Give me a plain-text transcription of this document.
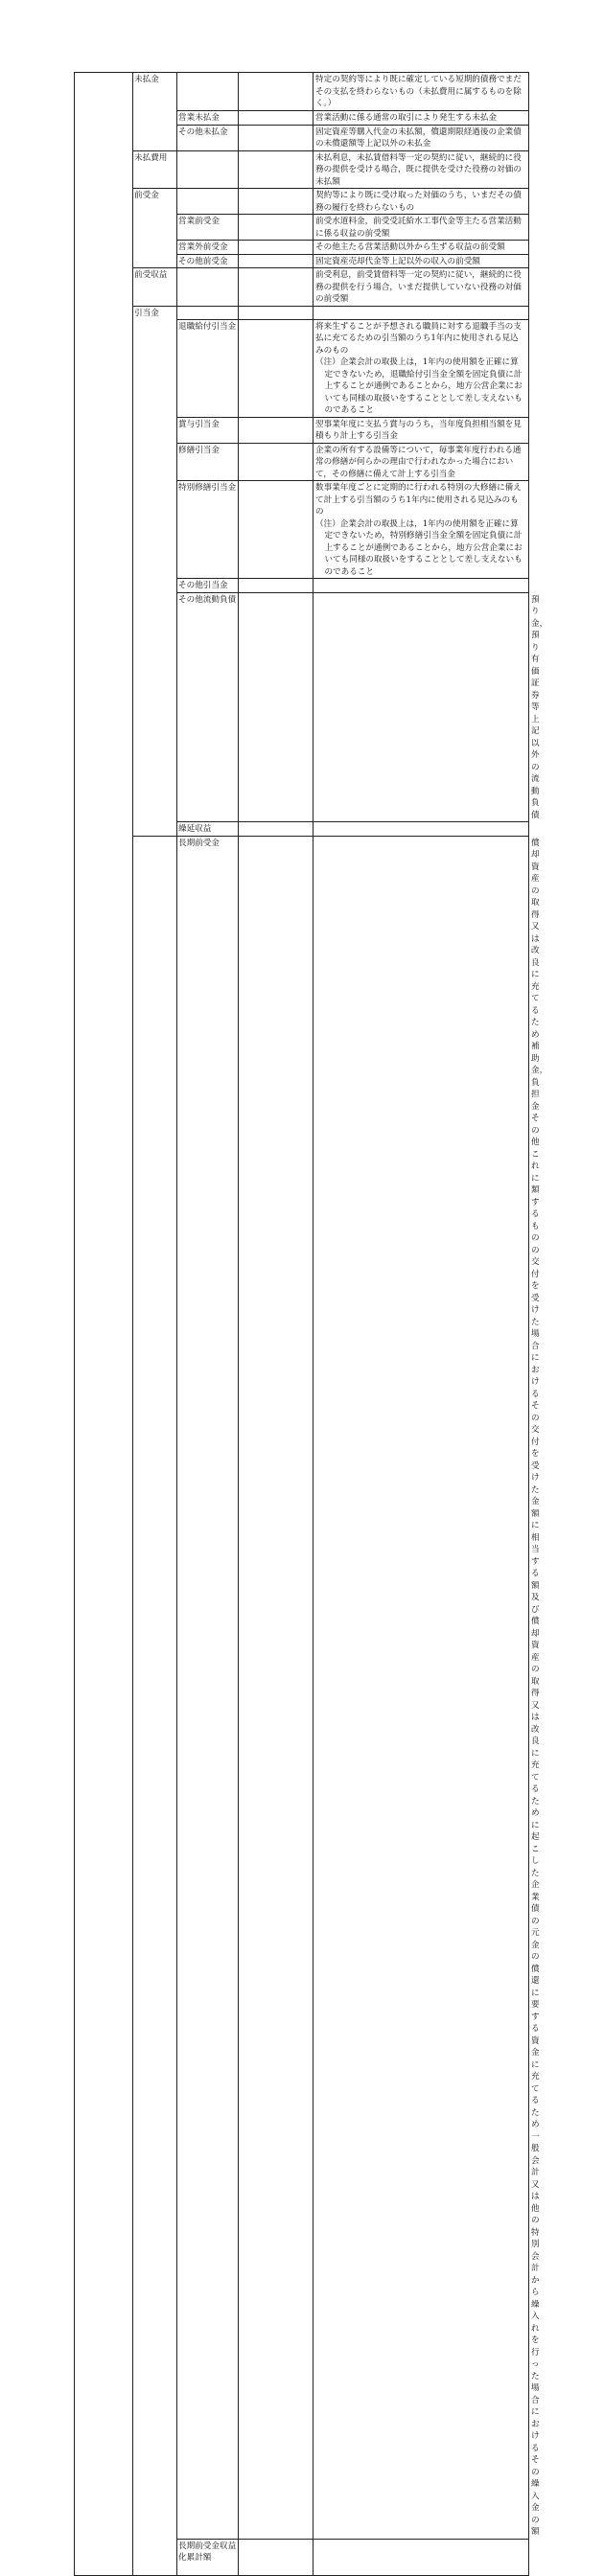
	未払金			特定の契約等により既に確定している短期的債務でまだその支払を終わらないもの（未払費用に属するものを除く。）	
		営業未払金		営業活動に係る通常の取引により発生する未払金	
		その他未払金		固定資産等購入代金の未払額，償還期限経過後の企業債の未償還額等上記以外の未払金	
	未払費用			未払利息，未払賃借料等一定の契約に従い，継続的に役務の提供を受ける場合，既に提供を受けた役務の対価の未払額	
	前受金			契約等により既に受け取った対価のうち，いまだその債務の履行を終わらないもの	
		営業前受金		前受水道料金，前受受託給水工事代金等主たる営業活動に係る収益の前受額	
		営業外前受金		その他主たる営業活動以外から生ずる収益の前受額	
		その他前受金		固定資産売却代金等上記以外の収入の前受額	
	前受収益			前受利息，前受賃借料等一定の契約に従い，継続的に役務の提供を行う場合，いまだ提供していない役務の対価の前受額	
	引当金				
		退職給付引当金		将来生ずることが予想される職員に対する退職手当の支払に充てるための引当額のうち1年内に使用される見込みのもの
（注）企業会計の取扱上は，1年内の使用額を正確に算定できないため，退職給付引当金全額を固定負債に計上することが通例であることから，地方公営企業においても同様の取扱いをすることとして差し支えないものであること	

		賞与引当金		翌事業年度に支払う賞与のうち，当年度負担相当額を見積もり計上する引当金	
		修繕引当金		企業の所有する設備等について，毎事業年度行われる通常の修繕が何らかの理由で行われなかった場合において，その修繕に備えて計上する引当金	
		特別修繕引当金		数事業年度ごとに定期的に行われる特別の大修繕に備えて計上する引当額のうち1年内に使用される見込みのもの
（注）企業会計の取扱上は，1年内の使用額を正確に算定できないため，特別修繕引当金全額を固定負債に計上することが通例であることから，地方公営企業においても同様の取扱いをすることとして差し支えないものであること	

		その他引当金			
		その他流動負債			預り金，預り有価証券等上記以外の流動負債
		繰延収益				
		長期前受金			償却資産の取得又は改良に充てるため補助金，負担金その他これに類するものの交付を受けた場合におけるその交付を受けた金額に相当する額及び償却資産の取得又は改良に充てるために起こした企業債の元金の償還に要する資金に充てるため一般会計又は他の特別会計から繰入れを行った場合におけるその繰入金の額
		長期前受金収益化累計額			
